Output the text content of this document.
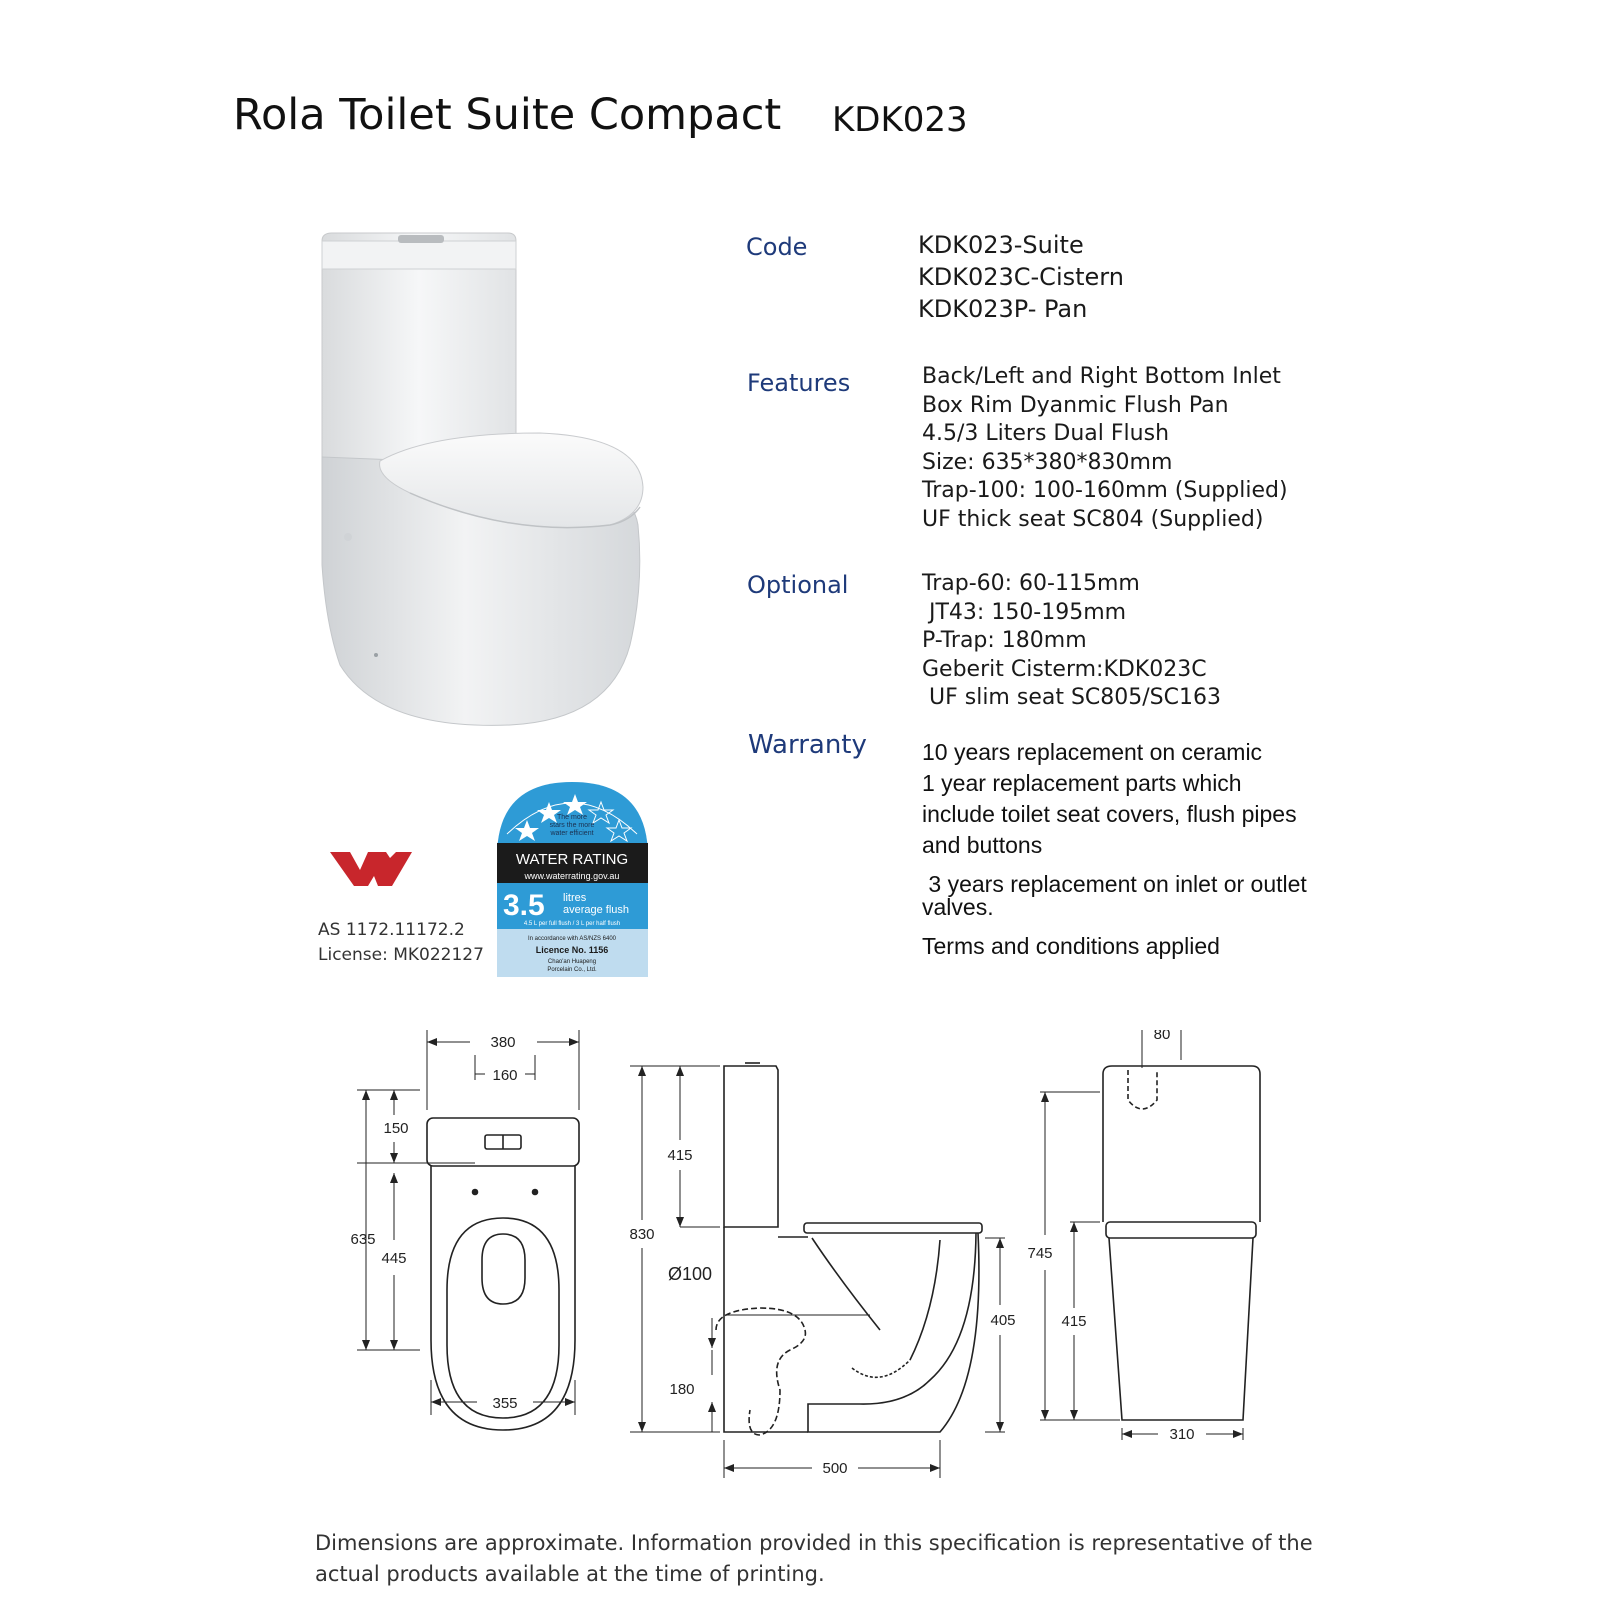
Rola Toilet Suite Compact KDK023
AS 1172.11172.2
License: MK022127
The more
stars the more
water efficient
WATER RATING
www.waterrating.gov.au
3.5 litres
average flush
4.5 L per full flush / 3 L per half flush
In accordance with AS/NZS 6400
Licence No. 1156
Chao'an Huapeng
Porcelain Co., Ltd.
Code	KDK023-Suite
KDK023C-Cistern
KDK023P- Pan
Features	Back/Left and Right Bottom Inlet
Box Rim Dyanmic Flush Pan
4.5/3 Liters Dual Flush
Size: 635*380*830mm
Trap-100: 100-160mm (Supplied)
UF thick seat SC804 (Supplied)
Optional	Trap-60: 60-115mm
JT43: 150-195mm
P-Trap: 180mm
Geberit Cisterm:KDK023C
UF slim seat SC805/SC163
Warranty 10 years replacement on ceramic
1 year replacement parts which
include toilet seat covers, flush pipes
and buttons
3 years replacement on inlet or outlet
valves.
Terms and conditions applied
380
160
150
635
445
355
415
830
Ø100
180
405
500
80
745
415
310
Dimensions are approximate. Information provided in this specification is representative of the
actual products available at the time of printing.
